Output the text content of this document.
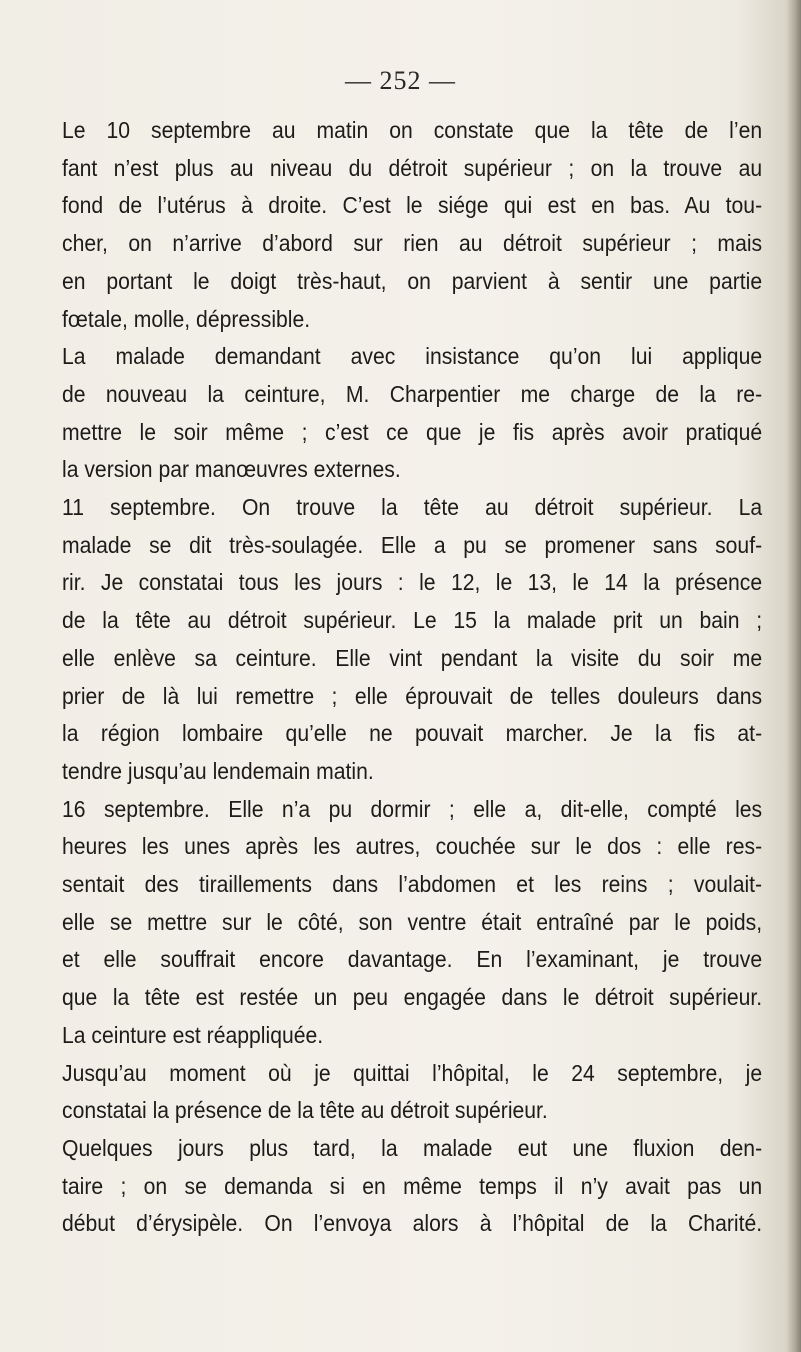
— 252 —
Le 10 septembre au matin on constate que la tête de l’en
fant n’est plus au niveau du détroit supérieur ; on la trouve au
fond de l’utérus à droite. C’est le siége qui est en bas. Au tou-
cher, on n’arrive d’abord sur rien au détroit supérieur ; mais
en portant le doigt très-haut, on parvient à sentir une partie
fœtale, molle, dépressible.
La malade demandant avec insistance qu’on lui applique
de nouveau la ceinture, M. Charpentier me charge de la re-
mettre le soir même ; c’est ce que je fis après avoir pratiqué
la version par manœuvres externes.
11 septembre. On trouve la tête au détroit supérieur. La
malade se dit très-soulagée. Elle a pu se promener sans souf-
rir. Je constatai tous les jours : le 12, le 13, le 14 la présence
de la tête au détroit supérieur. Le 15 la malade prit un bain ;
elle enlève sa ceinture. Elle vint pendant la visite du soir me
prier de là lui remettre ; elle éprouvait de telles douleurs dans
la région lombaire qu’elle ne pouvait marcher. Je la fis at-
tendre jusqu’au lendemain matin.
16 septembre. Elle n’a pu dormir ; elle a, dit-elle, compté les
heures les unes après les autres, couchée sur le dos : elle res-
sentait des tiraillements dans l’abdomen et les reins ; voulait-
elle se mettre sur le côté, son ventre était entraîné par le poids,
et elle souffrait encore davantage. En l’examinant, je trouve
que la tête est restée un peu engagée dans le détroit supérieur.
La ceinture est réappliquée.
Jusqu’au moment où je quittai l’hôpital, le 24 septembre, je
constatai la présence de la tête au détroit supérieur.
Quelques jours plus tard, la malade eut une fluxion den-
taire ; on se demanda si en même temps il n’y avait pas un
début d’érysipèle. On l’envoya alors à l’hôpital de la Charité.
